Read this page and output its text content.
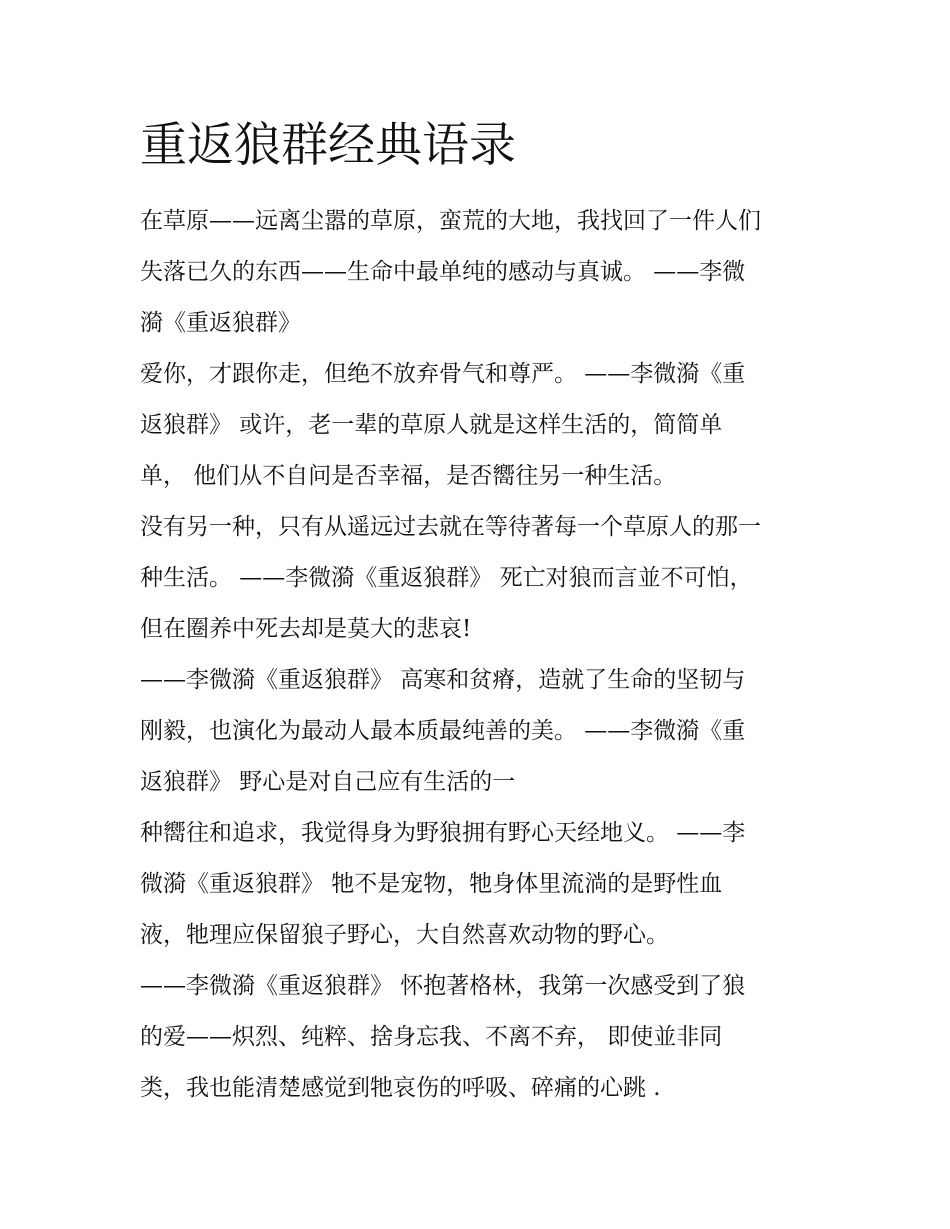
重返狼群经典语录
在草原——远离尘嚣的草原，蛮荒的大地，我找回了一件人们
失落已久的东西——生命中最单纯的感动与真诚。 ——李微
漪《重返狼群》
爱你，才跟你走，但绝不放弃骨气和尊严。 ——李微漪《重
返狼群》 或许，老一辈的草原人就是这样生活的，简简单
单， 他们从不自问是否幸福，是否嚮往另一种生活。
没有另一种，只有从遥远过去就在等待著每一个草原人的那一
种生活。 ——李微漪《重返狼群》 死亡对狼而言並不可怕，
但在圈养中死去却是莫大的悲哀!
——李微漪《重返狼群》 高寒和贫瘠，造就了生命的坚韧与
刚毅，也演化为最动人最本质最纯善的美。 ——李微漪《重
返狼群》 野心是对自己应有生活的一
种嚮往和追求，我觉得身为野狼拥有野心天经地义。 ——李
微漪《重返狼群》 牠不是宠物，牠身体里流淌的是野性血
液，牠理应保留狼子野心，大自然喜欢动物的野心。
——李微漪《重返狼群》 怀抱著格林，我第一次感受到了狼
的爱——炽烈、纯粹、捨身忘我、不离不弃， 即使並非同
类，我也能清楚感觉到牠哀伤的呼吸、碎痛的心跳 .
